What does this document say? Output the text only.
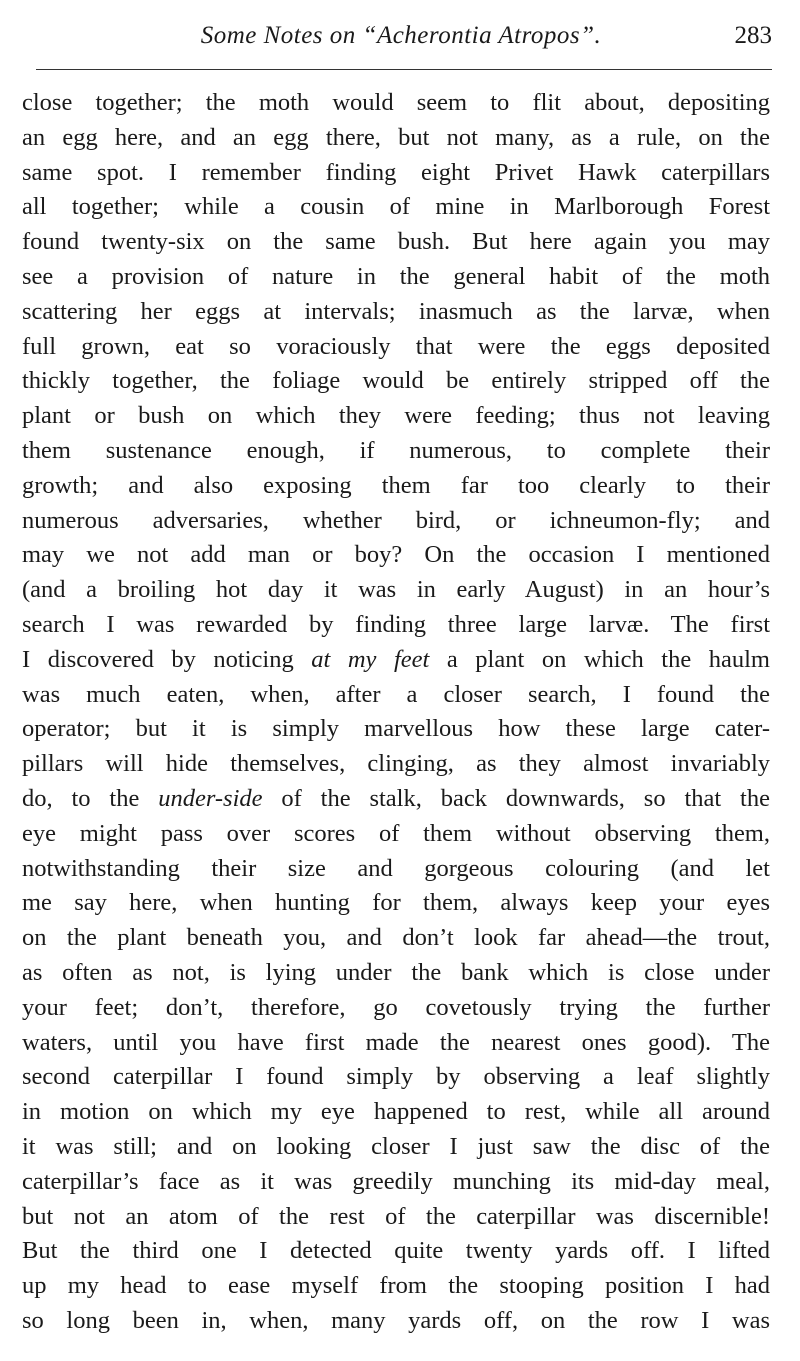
Some Notes on “Acherontia Atropos”.	283
close together; the moth would seem to flit about, depositing
an egg here, and an egg there, but not many, as a rule, on the
same spot. I remember finding eight Privet Hawk caterpillars
all together; while a cousin of mine in Marlborough Forest
found twenty-six on the same bush. But here again you may
see a provision of nature in the general habit of the moth
scattering her eggs at intervals; inasmuch as the larvæ, when
full grown, eat so voraciously that were the eggs deposited
thickly together, the foliage would be entirely stripped off the
plant or bush on which they were feeding; thus not leaving
them sustenance enough, if numerous, to complete their
growth; and also exposing them far too clearly to their
numerous adversaries, whether bird, or ichneumon-fly; and
may we not add man or boy? On the occasion I mentioned
(and a broiling hot day it was in early August) in an hour’s
search I was rewarded by finding three large larvæ. The first
I discovered by noticing at my feet a plant on which the haulm
was much eaten, when, after a closer search, I found the
operator; but it is simply marvellous how these large cater-
pillars will hide themselves, clinging, as they almost invariably
do, to the under-side of the stalk, back downwards, so that the
eye might pass over scores of them without observing them,
notwithstanding their size and gorgeous colouring (and let
me say here, when hunting for them, always keep your eyes
on the plant beneath you, and don’t look far ahead—the trout,
as often as not, is lying under the bank which is close under
your feet; don’t, therefore, go covetously trying the further
waters, until you have first made the nearest ones good). The
second caterpillar I found simply by observing a leaf slightly
in motion on which my eye happened to rest, while all around
it was still; and on looking closer I just saw the disc of the
caterpillar’s face as it was greedily munching its mid-day meal,
but not an atom of the rest of the caterpillar was discernible!
But the third one I detected quite twenty yards off. I lifted
up my head to ease myself from the stooping position I had
so long been in, when, many yards off, on the row I was
